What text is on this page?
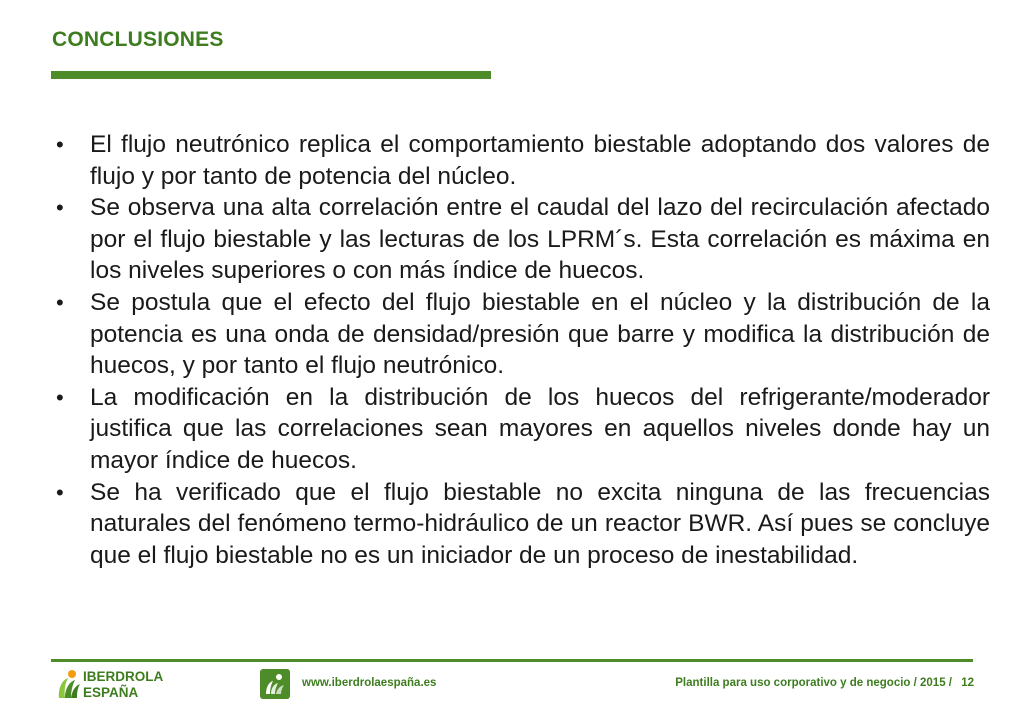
CONCLUSIONES
•	El flujo neutrónico replica el comportamiento biestable adoptando dos valores de flujo y por tanto de potencia del núcleo.
•	Se observa una alta correlación entre el caudal del lazo del recirculación afectado por el flujo biestable y las lecturas de los LPRM´s. Esta correlación es máxima en los niveles superiores o con más índice de huecos.
•	Se postula que el efecto del flujo biestable en el núcleo y la distribución de la potencia es una onda de densidad/presión que barre y modifica la distribución de huecos, y por tanto el flujo neutrónico.
•	La modificación en la distribución de los huecos del refrigerante/moderador justifica que las correlaciones sean mayores en aquellos niveles donde hay un mayor índice de huecos.
•	Se ha verificado que el flujo biestable no excita ninguna de las frecuencias naturales del fenómeno termo-hidráulico de un reactor BWR. Así pues se concluye que el flujo biestable no es un iniciador de un proceso de inestabilidad.
IBERDROLA
ESPAÑA
www.iberdrolaespaña.es	Plantilla para uso corporativo y de negocio / 2015 / 12
